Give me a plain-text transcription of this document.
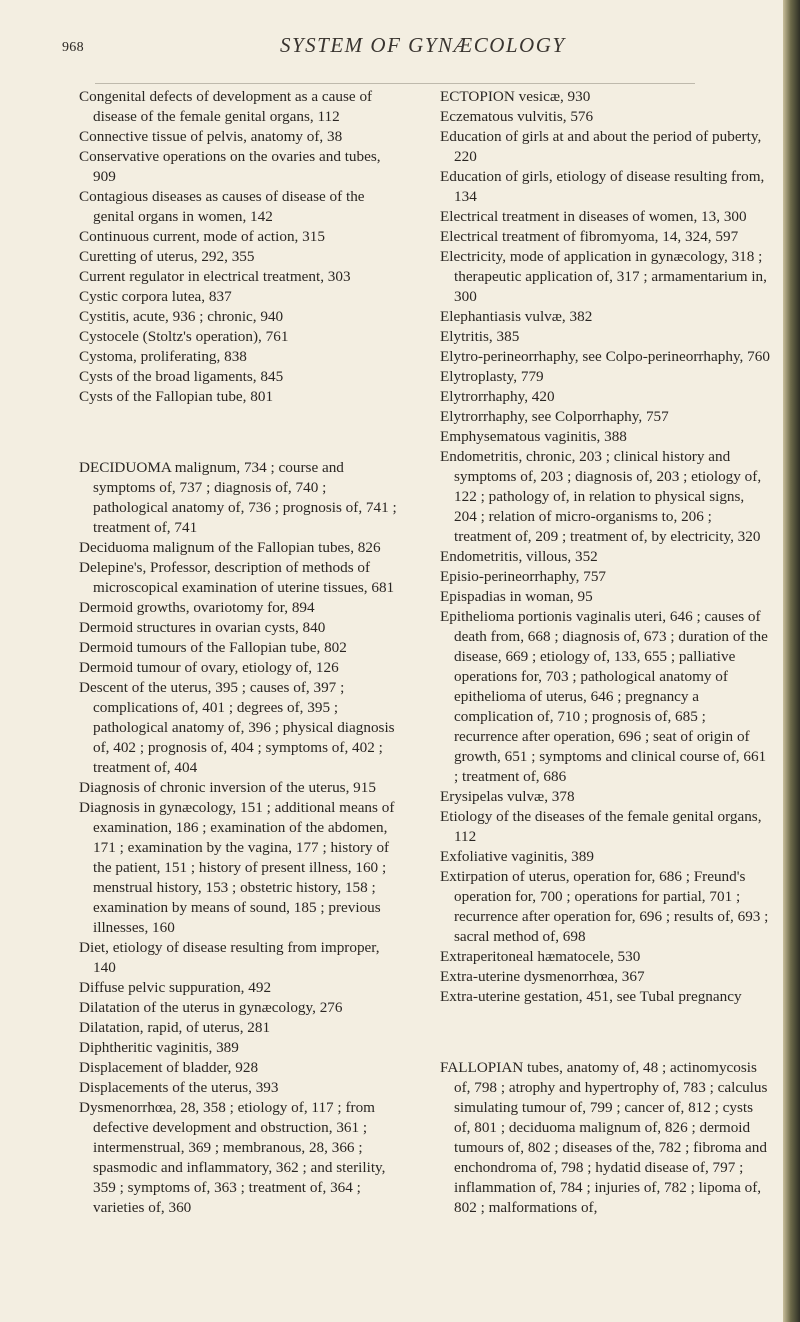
968	SYSTEM OF GYNÆCOLOGY

Congenital defects of development as a cause of disease of the female genital organs, 112

Connective tissue of pelvis, anatomy of, 38

Conservative operations on the ovaries and tubes, 909

Contagious diseases as causes of disease of the genital organs in women, 142

Continuous current, mode of action, 315

Curetting of uterus, 292, 355

Current regulator in electrical treatment, 303

Cystic corpora lutea, 837

Cystitis, acute, 936 ; chronic, 940

Cystocele (Stoltz's operation), 761

Cystoma, proliferating, 838

Cysts of the broad ligaments, 845

Cysts of the Fallopian tube, 801

DECIDUOMA malignum, 734 ; course and symptoms of, 737 ; diagnosis of, 740 ; pathological anatomy of, 736 ; prognosis of, 741 ; treatment of, 741

Deciduoma malignum of the Fallopian tubes, 826

Delepine's, Professor, description of methods of microscopical examination of uterine tissues, 681

Dermoid growths, ovariotomy for, 894

Dermoid structures in ovarian cysts, 840

Dermoid tumours of the Fallopian tube, 802

Dermoid tumour of ovary, etiology of, 126

Descent of the uterus, 395 ; causes of, 397 ; complications of, 401 ; degrees of, 395 ; pathological anatomy of, 396 ; physical diagnosis of, 402 ; prognosis of, 404 ; symptoms of, 402 ; treatment of, 404

Diagnosis of chronic inversion of the uterus, 915

Diagnosis in gynæcology, 151 ; additional means of examination, 186 ; examination of the abdomen, 171 ; examination by the vagina, 177 ; history of the patient, 151 ; history of present illness, 160 ; menstrual history, 153 ; obstetric history, 158 ; examination by means of sound, 185 ; previous illnesses, 160

Diet, etiology of disease resulting from improper, 140

Diffuse pelvic suppuration, 492

Dilatation of the uterus in gynæcology, 276

Dilatation, rapid, of uterus, 281

Diphtheritic vaginitis, 389

Displacement of bladder, 928

Displacements of the uterus, 393

Dysmenorrhœa, 28, 358 ; etiology of, 117 ; from defective development and obstruction, 361 ; intermenstrual, 369 ; membranous, 28, 366 ; spasmodic and inflammatory, 362 ; and sterility, 359 ; symptoms of, 363 ; treatment of, 364 ; varieties of, 360

ECTOPION vesicæ, 930

Eczematous vulvitis, 576

Education of girls at and about the period of puberty, 220

Education of girls, etiology of disease resulting from, 134

Electrical treatment in diseases of women, 13, 300

Electrical treatment of fibromyoma, 14, 324, 597

Electricity, mode of application in gynæcology, 318 ; therapeutic application of, 317 ; armamentarium in, 300

Elephantiasis vulvæ, 382

Elytritis, 385

Elytro-perineorrhaphy, see Colpo-perineorrhaphy, 760

Elytroplasty, 779

Elytrorrhaphy, 420

Elytrorrhaphy, see Colporrhaphy, 757

Emphysematous vaginitis, 388

Endometritis, chronic, 203 ; clinical history and symptoms of, 203 ; diagnosis of, 203 ; etiology of, 122 ; pathology of, in relation to physical signs, 204 ; relation of micro-organisms to, 206 ; treatment of, 209 ; treatment of, by electricity, 320

Endometritis, villous, 352

Episio-perineorrhaphy, 757

Epispadias in woman, 95

Epithelioma portionis vaginalis uteri, 646 ; causes of death from, 668 ; diagnosis of, 673 ; duration of the disease, 669 ; etiology of, 133, 655 ; palliative operations for, 703 ; pathological anatomy of epithelioma of uterus, 646 ; pregnancy a complication of, 710 ; prognosis of, 685 ; recurrence after operation, 696 ; seat of origin of growth, 651 ; symptoms and clinical course of, 661 ; treatment of, 686

Erysipelas vulvæ, 378

Etiology of the diseases of the female genital organs, 112

Exfoliative vaginitis, 389

Extirpation of uterus, operation for, 686 ; Freund's operation for, 700 ; operations for partial, 701 ; recurrence after operation for, 696 ; results of, 693 ; sacral method of, 698

Extraperitoneal hæmatocele, 530

Extra-uterine dysmenorrhœa, 367

Extra-uterine gestation, 451, see Tubal pregnancy

FALLOPIAN tubes, anatomy of, 48 ; actinomycosis of, 798 ; atrophy and hypertrophy of, 783 ; calculus simulating tumour of, 799 ; cancer of, 812 ; cysts of, 801 ; deciduoma malignum of, 826 ; dermoid tumours of, 802 ; diseases of the, 782 ; fibroma and enchondroma of, 798 ; hydatid disease of, 797 ; inflammation of, 784 ; injuries of, 782 ; lipoma of, 802 ; malformations of,
